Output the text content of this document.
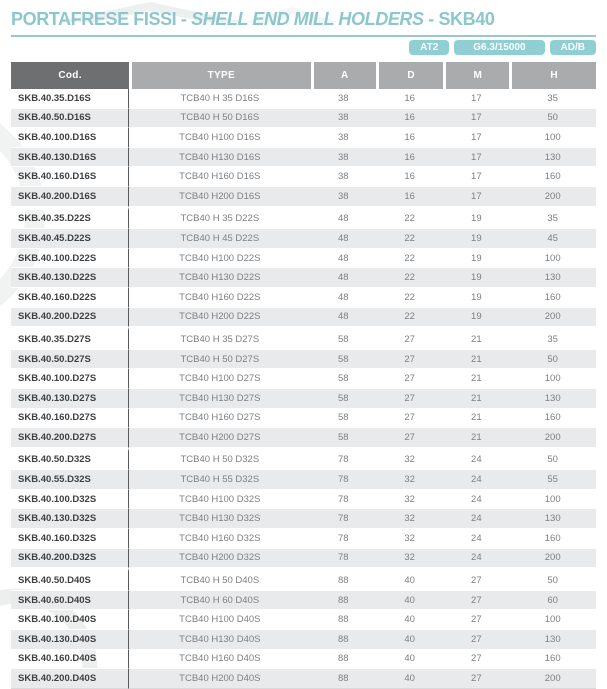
PORTAFRESE FISSI - SHELL END MILL HOLDERS - SKB40
AT2	G6.3/15000	AD/B
Cod.	TYPE	A	D	M	H
SKB.40.35.D16S	TCB40 H 35 D16S	38	16	17	35
SKB.40.50.D16S	TCB40 H 50 D16S	38	16	17	50
SKB.40.100.D16S	TCB40 H100 D16S	38	16	17	100
SKB.40.130.D16S	TCB40 H130 D16S	38	16	17	130
SKB.40.160.D16S	TCB40 H160 D16S	38	16	17	160
SKB.40.200.D16S	TCB40 H200 D16S	38	16	17	200
SKB.40.35.D22S	TCB40 H 35 D22S	48	22	19	35
SKB.40.45.D22S	TCB40 H 45 D22S	48	22	19	45
SKB.40.100.D22S	TCB40 H100 D22S	48	22	19	100
SKB.40.130.D22S	TCB40 H130 D22S	48	22	19	130
SKB.40.160.D22S	TCB40 H160 D22S	48	22	19	160
SKB.40.200.D22S	TCB40 H200 D22S	48	22	19	200
SKB.40.35.D27S	TCB40 H 35 D27S	58	27	21	35
SKB.40.50.D27S	TCB40 H 50 D27S	58	27	21	50
SKB.40.100.D27S	TCB40 H100 D27S	58	27	21	100
SKB.40.130.D27S	TCB40 H130 D27S	58	27	21	130
SKB.40.160.D27S	TCB40 H160 D27S	58	27	21	160
SKB.40.200.D27S	TCB40 H200 D27S	58	27	21	200
SKB.40.50.D32S	TCB40 H 50 D32S	78	32	24	50
SKB.40.55.D32S	TCB40 H 55 D32S	78	32	24	55
SKB.40.100.D32S	TCB40 H100 D32S	78	32	24	100
SKB.40.130.D32S	TCB40 H130 D32S	78	32	24	130
SKB.40.160.D32S	TCB40 H160 D32S	78	32	24	160
SKB.40.200.D32S	TCB40 H200 D32S	78	32	24	200
SKB.40.50.D40S	TCB40 H 50 D40S	88	40	27	50
SKB.40.60.D40S	TCB40 H 60 D40S	88	40	27	60
SKB.40.100.D40S	TCB40 H100 D40S	88	40	27	100
SKB.40.130.D40S	TCB40 H130 D40S	88	40	27	130
SKB.40.160.D40S	TCB40 H160 D40S	88	40	27	160
SKB.40.200.D40S	TCB40 H200 D40S	88	40	27	200
